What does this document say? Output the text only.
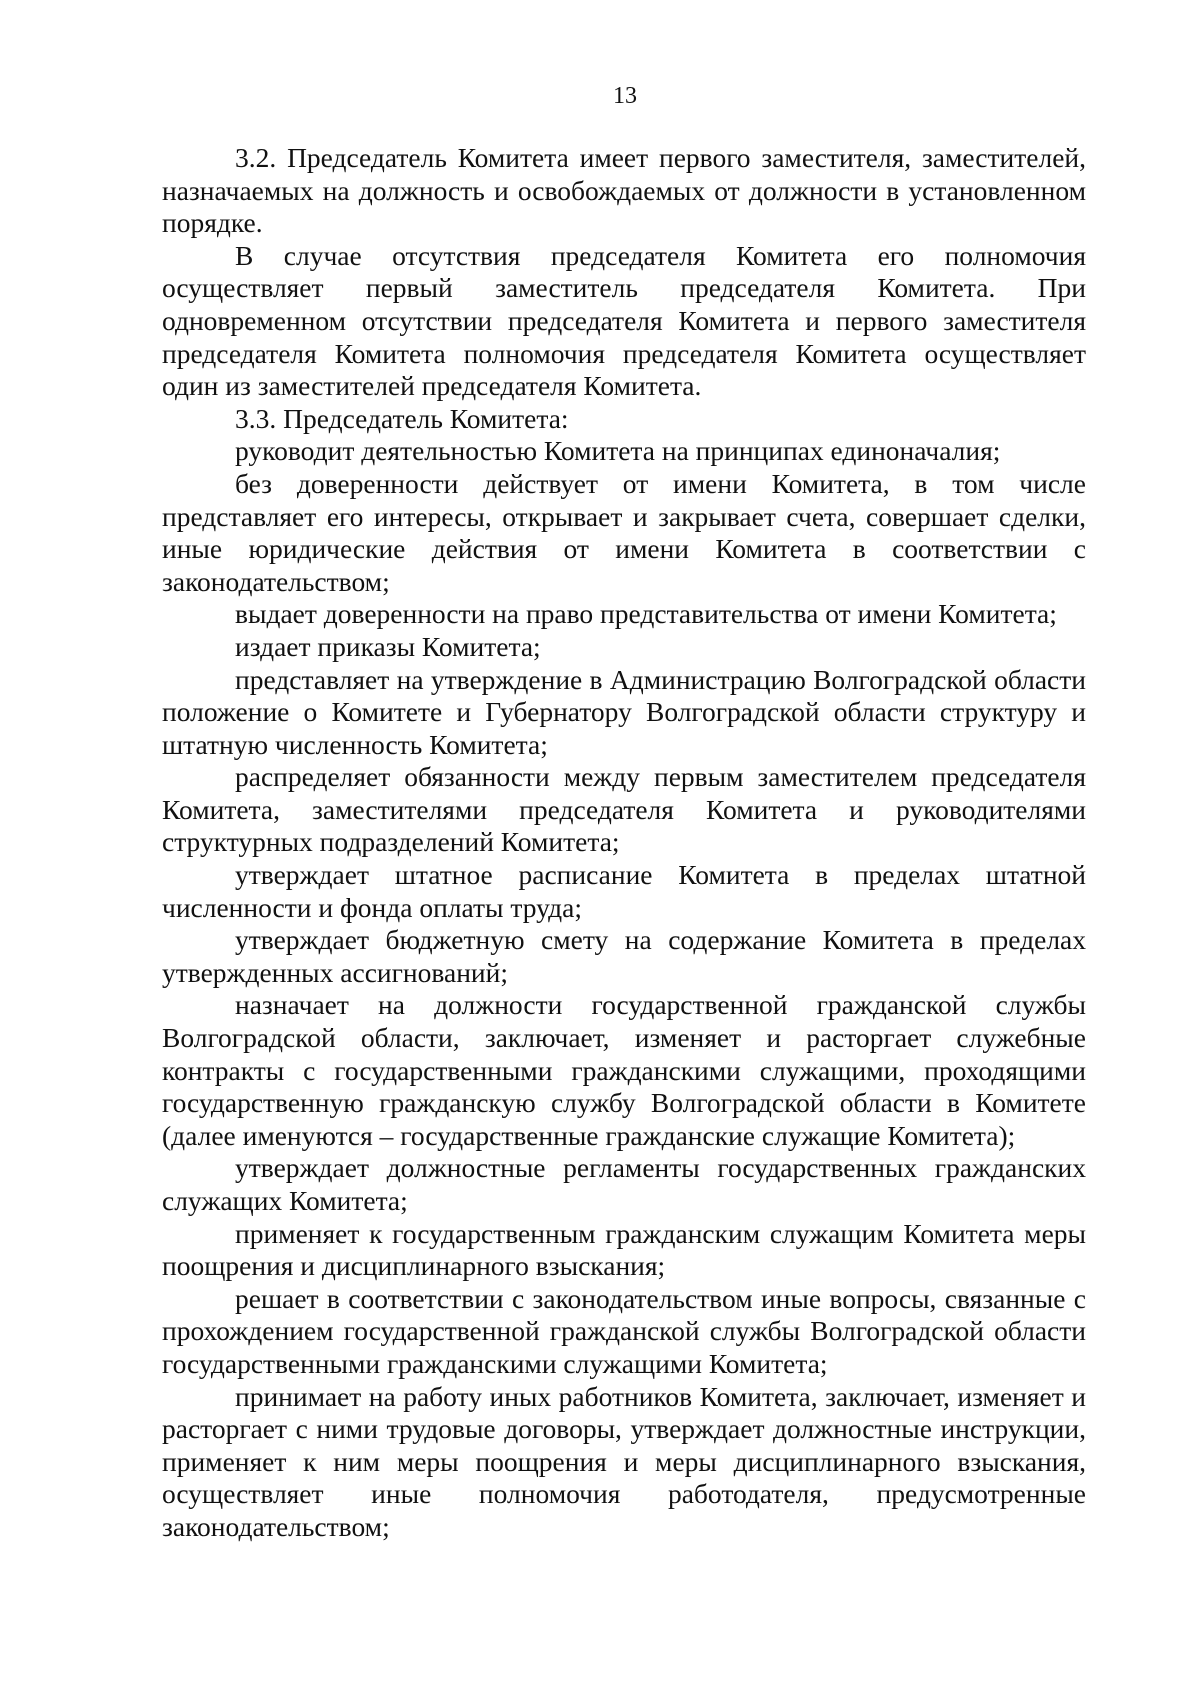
13

3.2. Председатель Комитета имеет первого заместителя, заместителей, назначаемых на должность и освобождаемых от должности в установленном порядке.

В случае отсутствия председателя Комитета его полномочия осуществляет первый заместитель председателя Комитета. При одновременном отсутствии председателя Комитета и первого заместителя председателя Комитета полномочия председателя Комитета осуществляет один из заместителей председателя Комитета.

3.3. Председатель Комитета:

руководит деятельностью Комитета на принципах единоначалия;

без доверенности действует от имени Комитета, в том числе представляет его интересы, открывает и закрывает счета, совершает сделки, иные юридические действия от имени Комитета в соответствии с законодательством;

выдает доверенности на право представительства от имени Комитета;

издает приказы Комитета;

представляет на утверждение в Администрацию Волгоградской области положение о Комитете и Губернатору Волгоградской области структуру и штатную численность Комитета;

распределяет обязанности между первым заместителем председателя Комитета, заместителями председателя Комитета и руководителями структурных подразделений Комитета;

утверждает штатное расписание Комитета в пределах штатной численности и фонда оплаты труда;

утверждает бюджетную смету на содержание Комитета в пределах утвержденных ассигнований;

назначает на должности государственной гражданской службы Волгоградской области, заключает, изменяет и расторгает служебные контракты с государственными гражданскими служащими, проходящими государственную гражданскую службу Волгоградской области в Комитете (далее именуются – государственные гражданские служащие Комитета);

утверждает должностные регламенты государственных гражданских служащих Комитета;

применяет к государственным гражданским служащим Комитета меры поощрения и дисциплинарного взыскания;

решает в соответствии с законодательством иные вопросы, связанные с прохождением государственной гражданской службы Волгоградской области государственными гражданскими служащими Комитета;

принимает на работу иных работников Комитета, заключает, изменяет и расторгает с ними трудовые договоры, утверждает должностные инструкции, применяет к ним меры поощрения и меры дисциплинарного взыскания, осуществляет иные полномочия работодателя, предусмотренные законодательством;
